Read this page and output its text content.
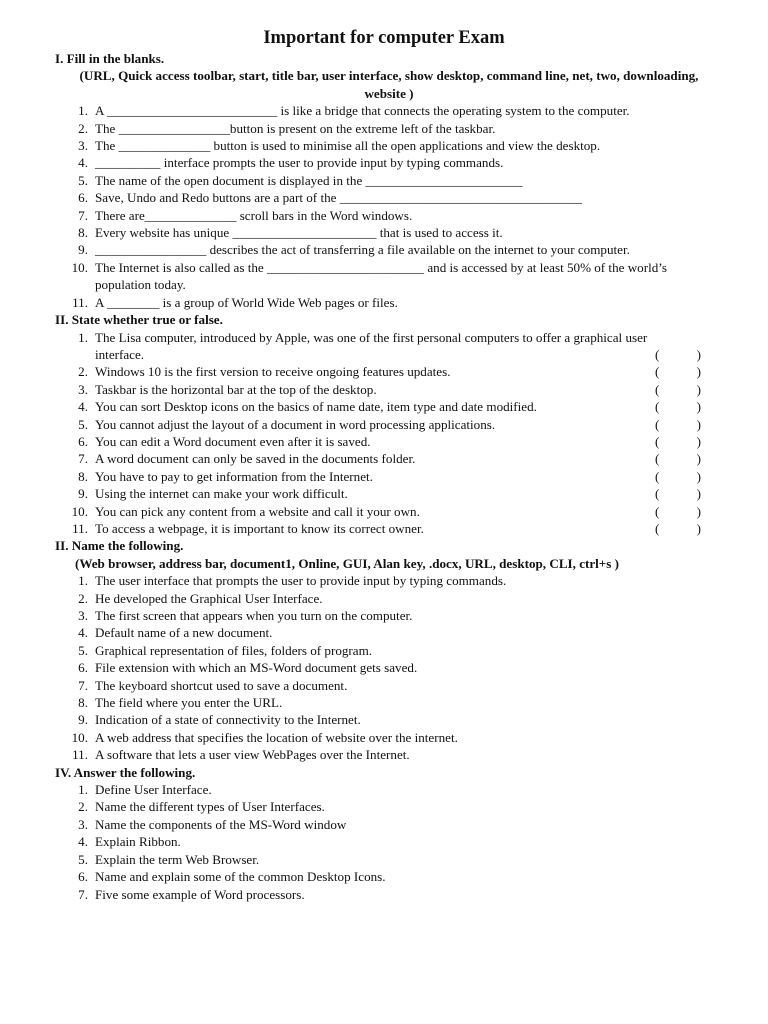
Important for computer Exam
I. Fill in the blanks.
(URL, Quick access toolbar, start, title bar, user interface, show desktop, command line, net, two, downloading, website )
1. A __________________________ is like a bridge that connects the operating system to the computer.
2. The _________________button is present on the extreme left of the taskbar.
3. The ______________ button is used to minimise all the open applications and view the desktop.
4. __________ interface prompts the user to provide input by typing commands.
5. The name of the open document is displayed in the ________________________
6. Save, Undo and Redo buttons are a part of the _____________________________________
7. There are______________ scroll bars in the Word windows.
8. Every website has unique ______________________ that is used to access it.
9. _________________ describes the act of transferring a file available on the internet to your computer.
10. The Internet is also called as the ________________________ and is accessed by at least 50% of the world’s population today.
11. A ________ is a group of World Wide Web pages or files.
II. State whether true or false.
1. The Lisa computer, introduced by Apple, was one of the first personal computers to offer a graphical user interface.	(	)
2. Windows 10 is the first version to receive ongoing features updates.	(	)
3. Taskbar is the horizontal bar at the top of the desktop.	(	)
4. You can sort Desktop icons on the basics of name date, item type and date modified.	(	)
5. You cannot adjust the layout of a document in word processing applications.	(	)
6. You can edit a Word document even after it is saved.	(	)
7. A word document can only be saved in the documents folder.	(	)
8. You have to pay to get information from the Internet.	(	)
9. Using the internet can make your work difficult.	(	)
10. You can pick any content from a website and call it your own.	(	)
11. To access a webpage, it is important to know its correct owner.	(	)
II. Name the following.
(Web browser, address bar, document1, Online, GUI, Alan key, .docx, URL, desktop, CLI, ctrl+s )
1. The user interface that prompts the user to provide input by typing commands.
2. He developed the Graphical User Interface.
3. The first screen that appears when you turn on the computer.
4. Default name of a new document.
5. Graphical representation of files, folders of program.
6. File extension with which an MS-Word document gets saved.
7. The keyboard shortcut used to save a document.
8. The field where you enter the URL.
9. Indication of a state of connectivity to the Internet.
10. A web address that specifies the location of website over the internet.
11. A software that lets a user view WebPages over the Internet.
IV. Answer the following.
1. Define User Interface.
2. Name the different types of User Interfaces.
3. Name the components of the MS-Word window
4. Explain Ribbon.
5. Explain the term Web Browser.
6. Name and explain some of the common Desktop Icons.
7. Five some example of Word processors.
